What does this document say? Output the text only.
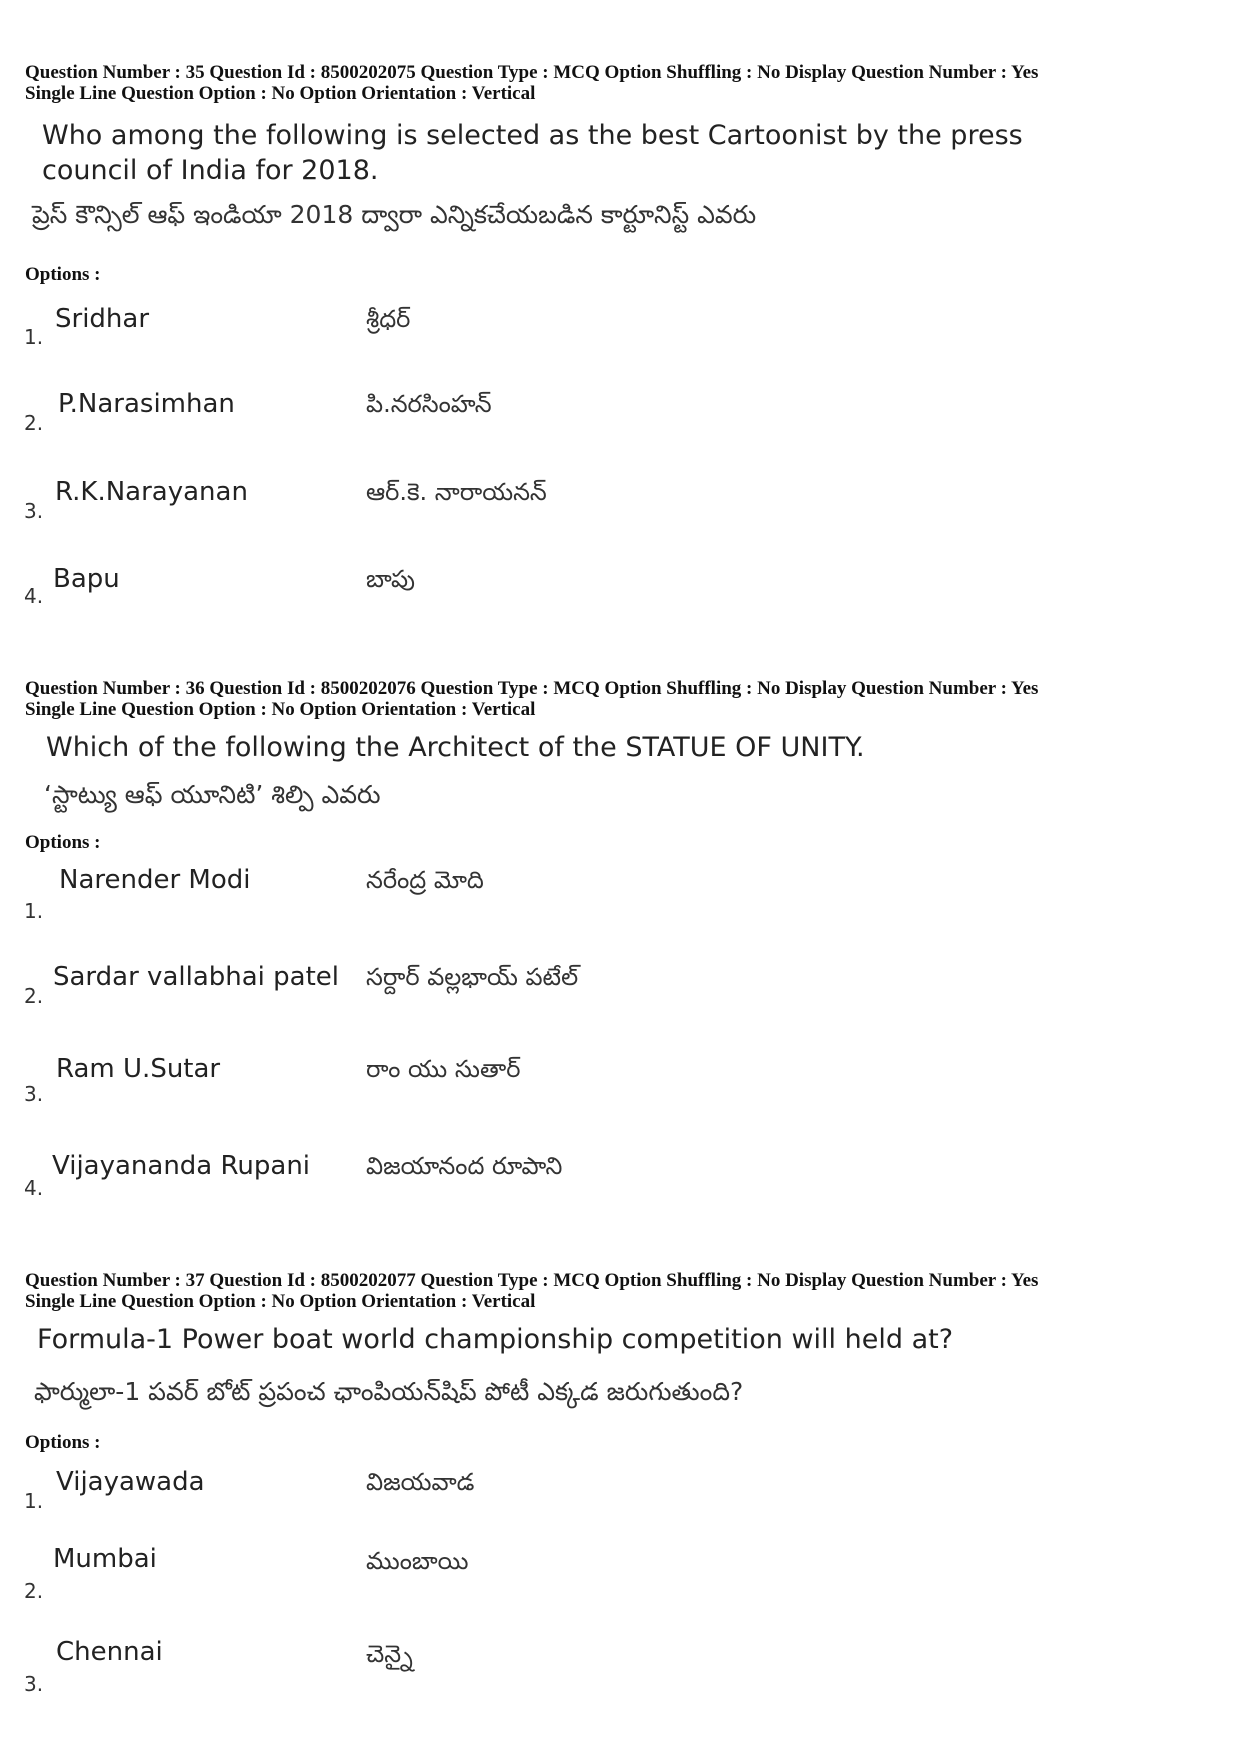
Question Number : 35 Question Id : 8500202075 Question Type : MCQ Option Shuffling : No Display Question Number : Yes
Single Line Question Option : No Option Orientation : Vertical
Who among the following is selected as the best Cartoonist by the press
council of India for 2018.
ప్రెస్ కౌన్సిల్ ఆఫ్ ఇండియా 2018 ద్వారా ఎన్నికచేయబడిన కార్టూనిస్ట్ ఎవరు
Options :
1.
Sridhar	శ్రీధర్
2.
P.Narasimhan	పి.నరసింహన్
3.
R.K.Narayanan	ఆర్.కె. నారాయనన్
4.
Bapu	బాపు
Question Number : 36 Question Id : 8500202076 Question Type : MCQ Option Shuffling : No Display Question Number : Yes
Single Line Question Option : No Option Orientation : Vertical
Which of the following the Architect of the STATUE OF UNITY.
‘స్టాట్యు ఆఫ్ యూనిటి’ శిల్పి ఎవరు
Options :
1.
Narender Modi	నరేంద్ర మోది
2.
Sardar vallabhai patel సర్దార్ వల్లభాయ్ పటేల్
3.
Ram U.Sutar	రాం యు సుతార్
4.
Vijayananda Rupani విజయానంద రూపాని
Question Number : 37 Question Id : 8500202077 Question Type : MCQ Option Shuffling : No Display Question Number : Yes
Single Line Question Option : No Option Orientation : Vertical
Formula-1 Power boat world championship competition will held at?
ఫార్ములా-1 పవర్ బోట్ ప్రపంచ ఛాంపియన్‌షిప్ పోటీ ఎక్కడ జరుగుతుంది?
Options :
1.
Vijayawada	విజయవాడ
2.
Mumbai	ముంబాయి
3.
Chennai	చెన్నై
